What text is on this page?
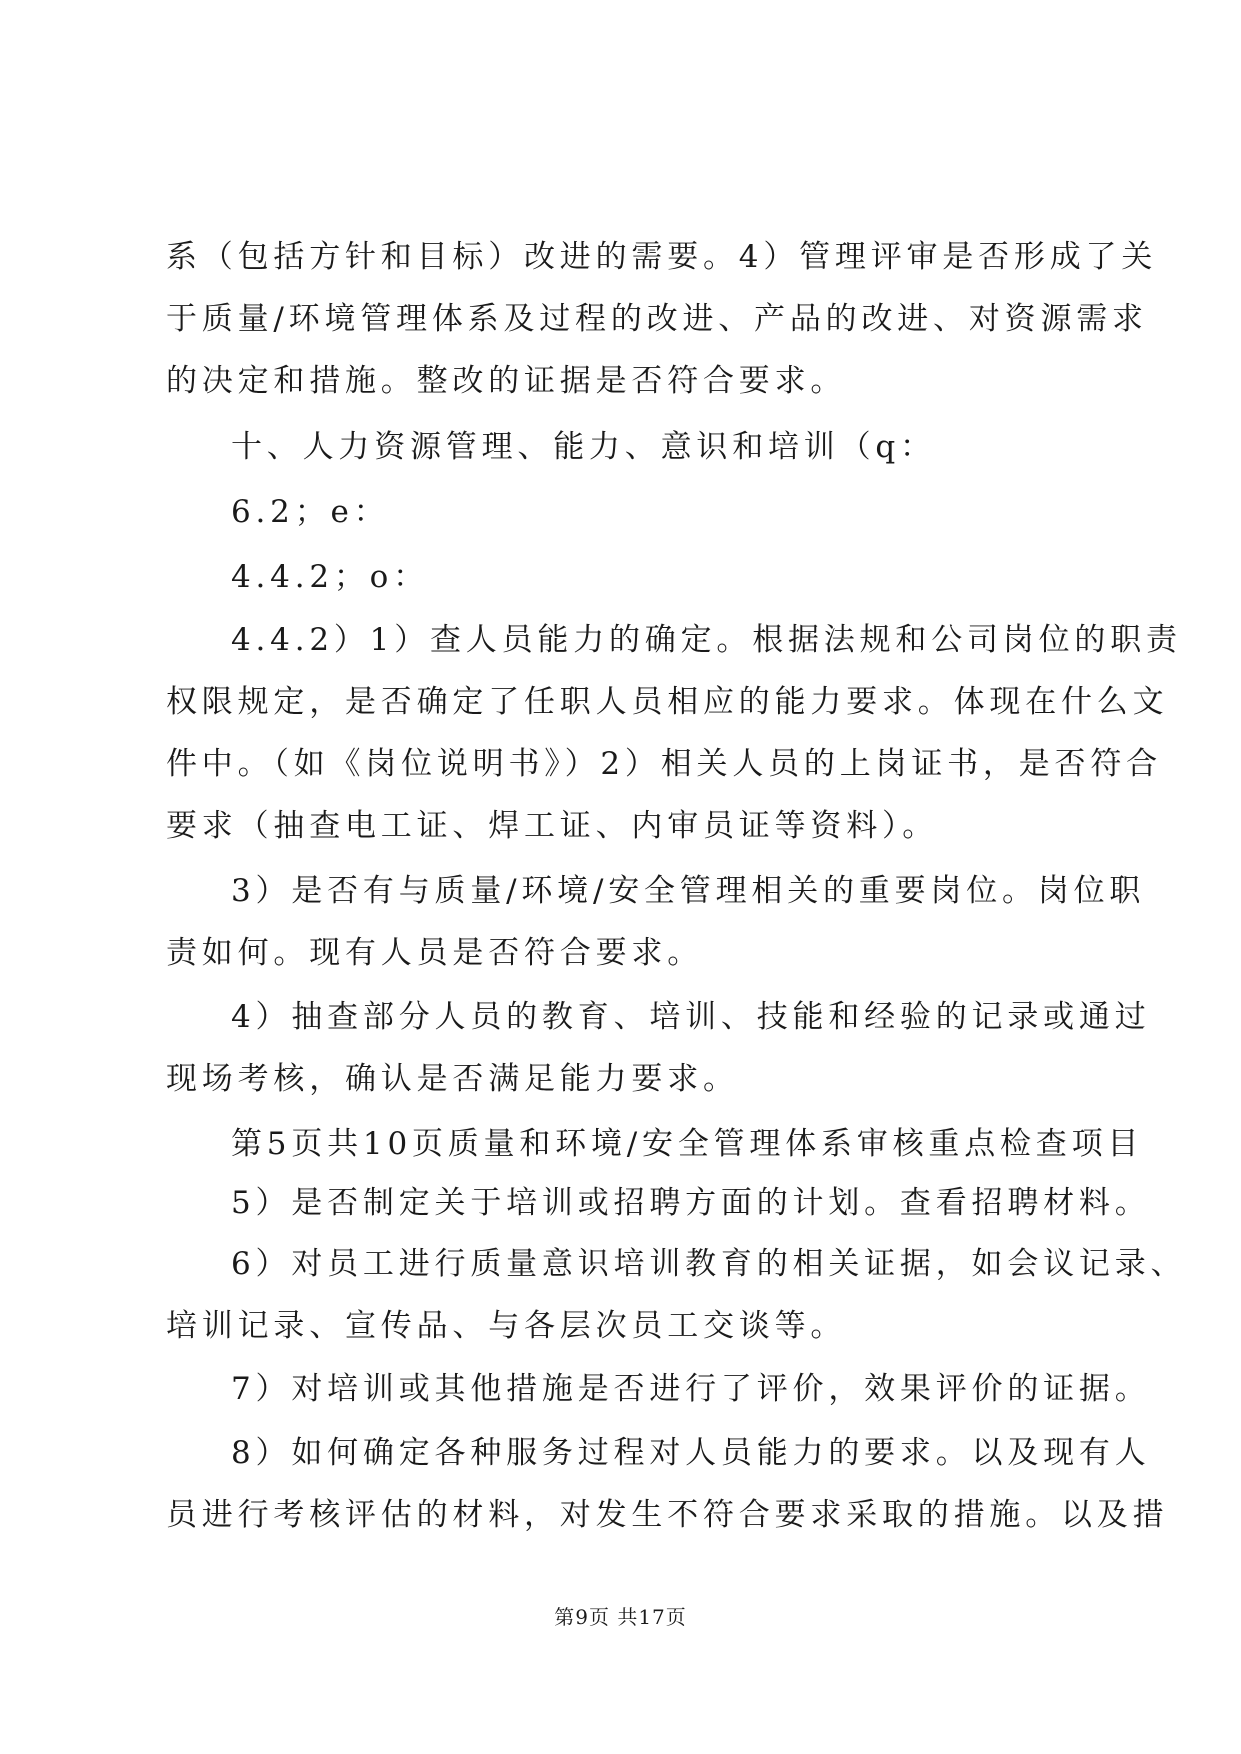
系（包括方针和目标）改进的需要。4）管理评审是否形成了关
于质量/环境管理体系及过程的改进、产品的改进、对资源需求
的决定和措施。整改的证据是否符合要求。
十、人力资源管理、能力、意识和培训（q：
6.2；e：
4.4.2；o：
4.4.2）1）查人员能力的确定。根据法规和公司岗位的职责
权限规定，是否确定了任职人员相应的能力要求。体现在什么文
件中。（如《岗位说明书》）2）相关人员的上岗证书，是否符合
要求（抽查电工证、焊工证、内审员证等资料）。
3）是否有与质量/环境/安全管理相关的重要岗位。岗位职
责如何。现有人员是否符合要求。
4）抽查部分人员的教育、培训、技能和经验的记录或通过
现场考核，确认是否满足能力要求。
第5页共10页质量和环境/安全管理体系审核重点检查项目
5）是否制定关于培训或招聘方面的计划。查看招聘材料。
6）对员工进行质量意识培训教育的相关证据，如会议记录、
培训记录、宣传品、与各层次员工交谈等。
7）对培训或其他措施是否进行了评价，效果评价的证据。
8）如何确定各种服务过程对人员能力的要求。以及现有人
员进行考核评估的材料，对发生不符合要求采取的措施。以及措
第9页 共17页
